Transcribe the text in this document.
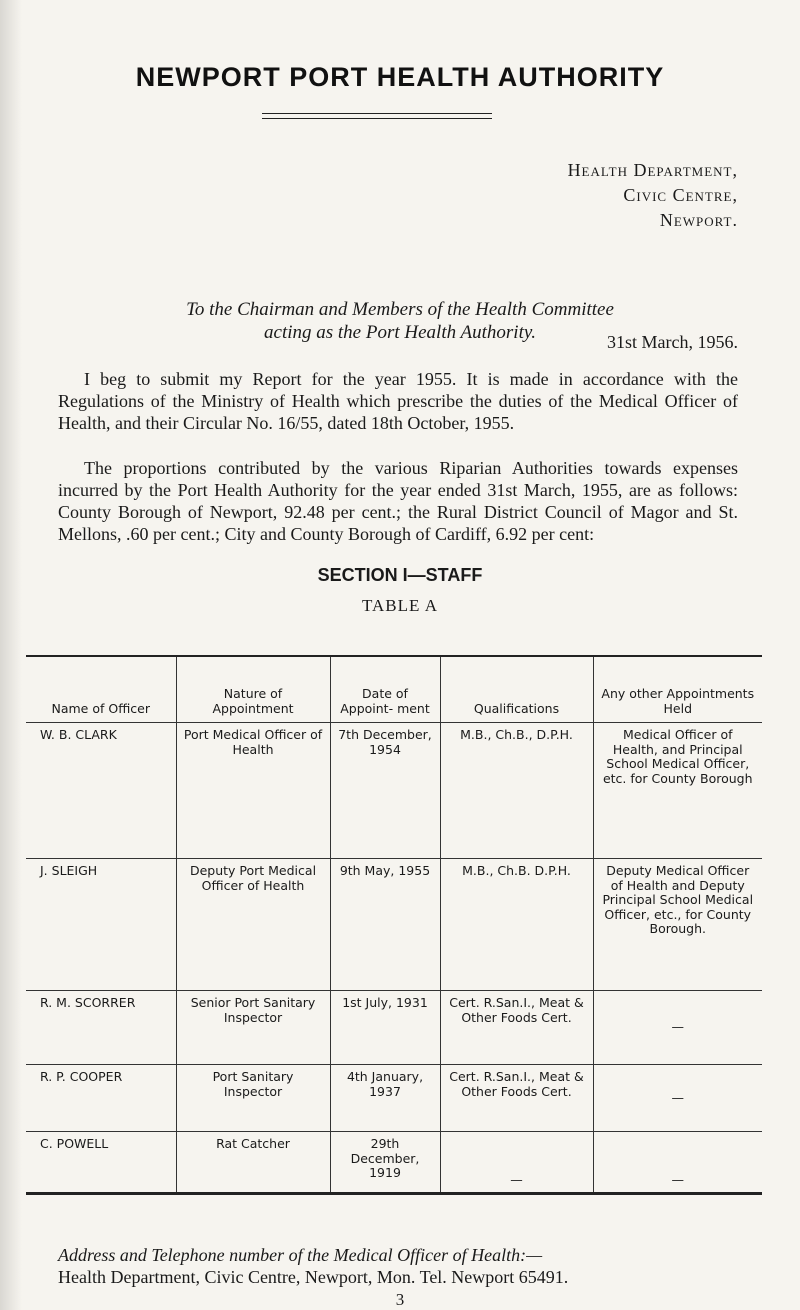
NEWPORT PORT HEALTH AUTHORITY
Health Department,
Civic Centre,
Newport.
31st March, 1956.
To the Chairman and Members of the Health Committee
acting as the Port Health Authority.
I beg to submit my Report for the year 1955. It is made in accordance with the Regulations of the Ministry of Health which prescribe the duties of the Medical Officer of Health, and their Circular No. 16/55, dated 18th October, 1955.
The proportions contributed by the various Riparian Authorities towards expenses incurred by the Port Health Authority for the year ended 31st March, 1955, are as follows: County Borough of Newport, 92.48 per cent.; the Rural District Council of Magor and St. Mellons, .60 per cent.; City and County Borough of Cardiff, 6.92 per cent:
SECTION I—STAFF
TABLE A
Name of Officer	Nature of Appointment	Date of Appoint- ment	Qualifications	Any other Appointments Held
W. B. CLARK	Port Medical Officer of Health	7th December, 1954	M.B., Ch.B., D.P.H.	Medical Officer of Health, and Principal School Medical Officer, etc. for County Borough
J. SLEIGH	Deputy Port Medical Officer of Health	9th May, 1955	M.B., Ch.B. D.P.H.	Deputy Medical Officer of Health and Deputy Principal School Medical Officer, etc., for County Borough.
R. M. SCORRER	Senior Port Sanitary Inspector	1st July, 1931	Cert. R.San.I., Meat & Other Foods Cert.	—
R. P. COOPER	Port Sanitary Inspector	4th January, 1937	Cert. R.San.I., Meat & Other Foods Cert.	—
C. POWELL	Rat Catcher	29th December, 1919	—	—
Address and Telephone number of the Medical Officer of Health:—
Health Department, Civic Centre, Newport, Mon. Tel. Newport 65491.
3
